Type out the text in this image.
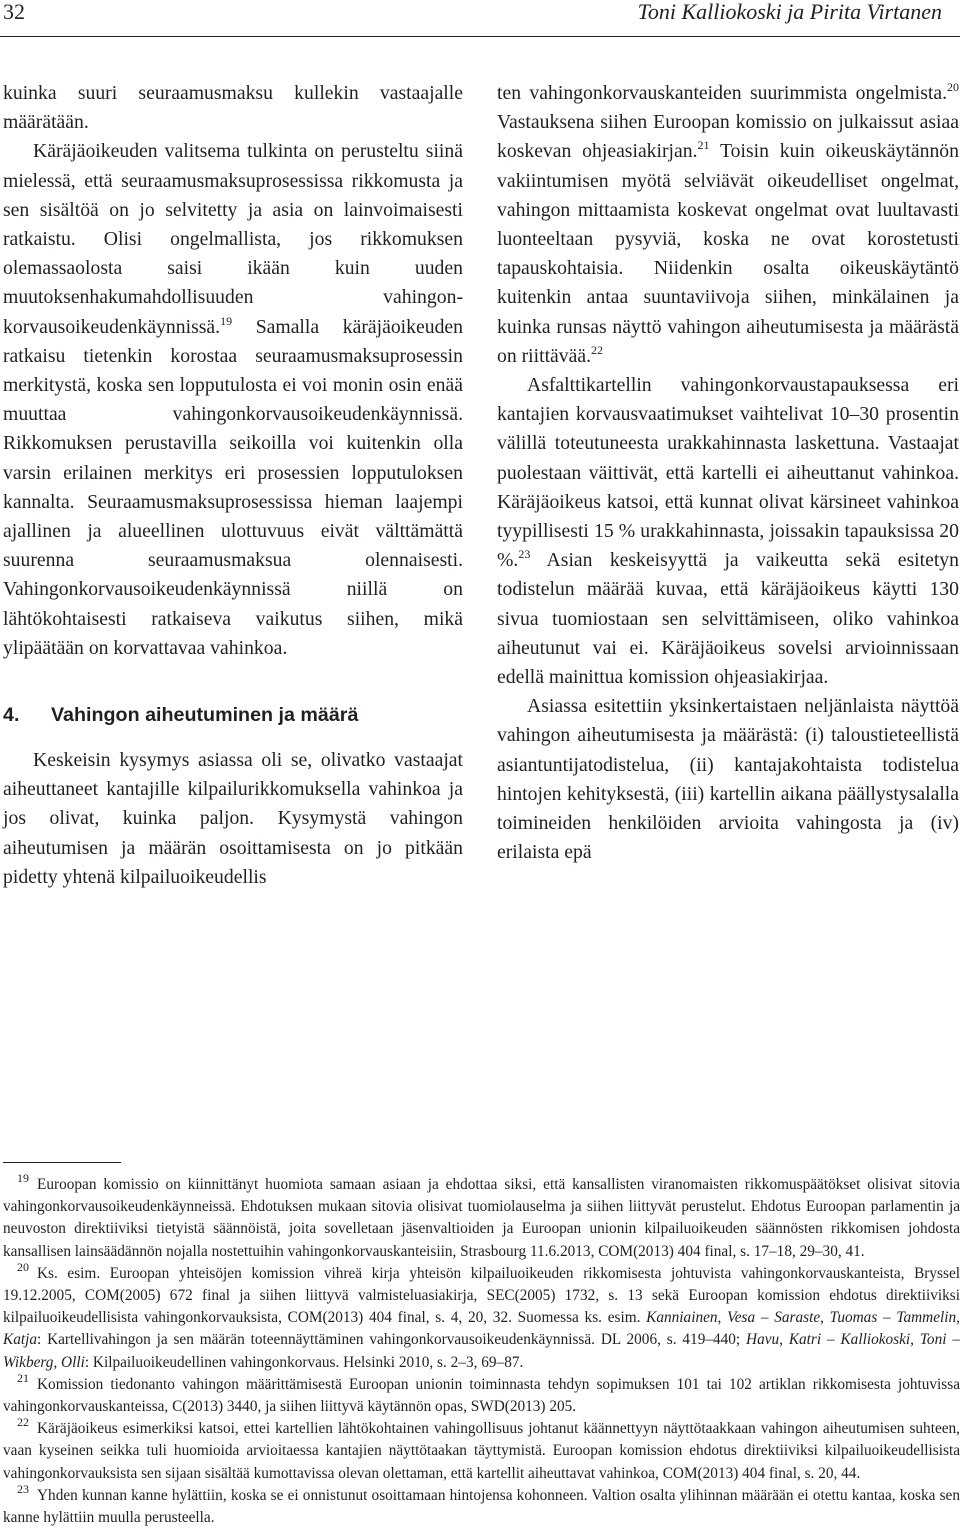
32	Toni Kalliokoski ja Pirita Virtanen

kuinka suuri seuraamusmaksu kullekin vastaajalle määrätään.

Käräjäoikeuden valitsema tulkinta on perusteltu siinä mielessä, että seuraamusmaksuprosessissa rikkomusta ja sen sisältöä on jo selvitetty ja asia on lainvoimaisesti ratkaistu. Olisi ongelmallista, jos rikkomuksen olemassaolosta saisi ikään kuin uuden muutoksenhakumahdollisuuden vahingonkorvausoikeudenkäynnissä.$^{19}$ Samalla käräjäoikeuden ratkaisu tietenkin korostaa seuraamusmaksuprosessin merkitystä, koska sen lopputulosta ei voi monin osin enää muuttaa vahingonkorvausoikeudenkäynnissä. Rikkomuksen perustavilla seikoilla voi kuitenkin olla varsin erilainen merkitys eri prosessien lopputuloksen kannalta. Seuraamusmaksuprosessissa hieman laajempi ajallinen ja alueellinen ulottuvuus eivät välttämättä suurenna seuraamusmaksua olennaisesti. Vahingonkorvausoikeudenkäynnissä niillä on lähtökohtaisesti ratkaiseva vaikutus siihen, mikä ylipäätään on korvattavaa vahinkoa.

4. Vahingon aiheutuminen ja määrä

Keskeisin kysymys asiassa oli se, olivatko vastaajat aiheuttaneet kantajille kilpailurikkomuksella vahinkoa ja jos olivat, kuinka paljon. Kysymystä vahingon aiheutumisen ja määrän osoittamisesta on jo pitkään pidetty yhtenä kilpailuoikeudellis

ten vahingonkorvauskanteiden suurimmista ongelmista.$^{20}$ Vastauksena siihen Euroopan komissio on julkaissut asiaa koskevan ohjeasiakirjan.$^{21}$ Toisin kuin oikeuskäytännön vakiintumisen myötä selviävät oikeudelliset ongelmat, vahingon mittaamista koskevat ongelmat ovat luultavasti luonteeltaan pysyviä, koska ne ovat korostetusti tapauskohtaisia. Niidenkin osalta oikeuskäytäntö kuitenkin antaa suuntaviivoja siihen, minkälainen ja kuinka runsas näyttö vahingon aiheutumisesta ja määrästä on riittävää.$^{22}$

Asfalttikartellin vahingonkorvaustapauksessa eri kantajien korvausvaatimukset vaihtelivat 10–30 prosentin välillä toteutuneesta urakkahinnasta laskettuna. Vastaajat puolestaan väittivät, että kartelli ei aiheuttanut vahinkoa. Käräjäoikeus katsoi, että kunnat olivat kärsineet vahinkoa tyypillisesti 15 % urakkahinnasta, joissakin tapauksissa 20 %.$^{23}$ Asian keskeisyyttä ja vaikeutta sekä esitetyn todistelun määrää kuvaa, että käräjäoikeus käytti 130 sivua tuomiostaan sen selvittämiseen, oliko vahinkoa aiheutunut vai ei. Käräjäoikeus sovelsi arvioinnissaan edellä mainittua komission ohjeasiakirjaa.

Asiassa esitettiin yksinkertaistaen neljänlaista näyttöä vahingon aiheutumisesta ja määrästä: (i) taloustieteellistä asiantuntijatodistelua, (ii) kantajakohtaista todistelua hintojen kehityksestä, (iii) kartellin aikana päällystysalalla toimineiden henkilöiden arvioita vahingosta ja (iv) erilaista epä

$^{19}$ Euroopan komissio on kiinnittänyt huomiota samaan asiaan ja ehdottaa siksi, että kansallisten viranomaisten rikkomuspäätökset olisivat sitovia vahingonkorvausoikeudenkäynneissä. Ehdotuksen mukaan sitovia olisivat tuomiolauselma ja siihen liittyvät perustelut. Ehdotus Euroopan parlamentin ja neuvoston direktiiviksi tietyistä säännöistä, joita sovelletaan jäsenvaltioiden ja Euroopan unionin kilpailuoikeuden säännösten rikkomisen johdosta kansallisen lainsäädännön nojalla nostettuihin vahingonkorvauskanteisiin, Strasbourg 11.6.2013, COM(2013) 404 final, s. 17–18, 29–30, 41.

$^{20}$ Ks. esim. Euroopan yhteisöjen komission vihreä kirja yhteisön kilpailuoikeuden rikkomisesta johtuvista vahingonkorvauskanteista, Bryssel 19.12.2005, COM(2005) 672 final ja siihen liittyvä valmisteluasiakirja, SEC(2005) 1732, s. 13 sekä Euroopan komission ehdotus direktiiviksi kilpailuoikeudellisista vahingonkorvauksista, COM(2013) 404 final, s. 4, 20, 32. Suomessa ks. esim. Kanniainen, Vesa – Saraste, Tuomas – Tammelin, Katja: Kartellivahingon ja sen määrän toteennäyttäminen vahingonkorvausoikeudenkäynnissä. DL 2006, s. 419–440; Havu, Katri – Kalliokoski, Toni – Wikberg, Olli: Kilpailuoikeudellinen vahingonkorvaus. Helsinki 2010, s. 2–3, 69–87.

$^{21}$ Komission tiedonanto vahingon määrittämisestä Euroopan unionin toiminnasta tehdyn sopimuksen 101 tai 102 artiklan rikkomisesta johtuvissa vahingonkorvauskanteissa, C(2013) 3440, ja siihen liittyvä käytännön opas, SWD(2013) 205.

$^{22}$ Käräjäoikeus esimerkiksi katsoi, ettei kartellien lähtökohtainen vahingollisuus johtanut käännettyyn näyttötaakkaan vahingon aiheutumisen suhteen, vaan kyseinen seikka tuli huomioida arvioitaessa kantajien näyttötaakan täyttymistä. Euroopan komission ehdotus direktiiviksi kilpailuoikeudellisista vahingonkorvauksista sen sijaan sisältää kumottavissa olevan olettaman, että kartellit aiheuttavat vahinkoa, COM(2013) 404 final, s. 20, 44.

$^{23}$ Yhden kunnan kanne hylättiin, koska se ei onnistunut osoittamaan hintojensa kohonneen. Valtion osalta ylihinnan määrään ei otettu kantaa, koska sen kanne hylättiin muulla perusteella.
